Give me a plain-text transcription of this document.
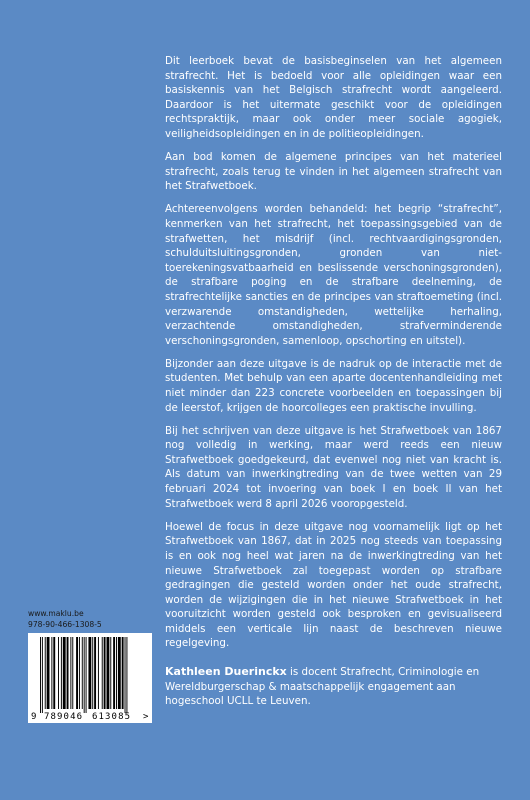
Dit leerboek bevat de basisbeginselen van het algemeen strafrecht. Het is bedoeld voor alle opleidingen waar een basiskennis van het Belgisch strafrecht wordt aangeleerd. Daardoor is het uitermate geschikt voor de opleidingen rechtspraktijk, maar ook onder meer sociale agogiek, veiligheidsopleidingen en in de politieopleidingen.

Aan bod komen de algemene principes van het materieel strafrecht, zoals terug te vinden in het algemeen strafrecht van het Strafwetboek.

Achtereenvolgens worden behandeld: het begrip “strafrecht”, kenmerken van het strafrecht, het toepassingsgebied van de strafwetten, het misdrijf (incl. rechtvaardigingsgronden, schulduitsluitingsgronden, gronden van niet-toerekeningsvatbaarheid en beslissende verschoningsgronden), de strafbare poging en de strafbare deelneming, de strafrechtelijke sancties en de principes van straftoemeting (incl. verzwarende omstandigheden, wettelijke herhaling, verzachtende omstandigheden, strafverminderende verschoningsgronden, samenloop, opschorting en uitstel).

Bijzonder aan deze uitgave is de nadruk op de interactie met de studenten. Met behulp van een aparte docentenhandleiding met niet minder dan 223 concrete voorbeelden en toepassingen bij de leerstof, krijgen de hoorcolleges een praktische invulling.

Bij het schrijven van deze uitgave is het Strafwetboek van 1867 nog volledig in werking, maar werd reeds een nieuw Strafwetboek goedgekeurd, dat evenwel nog niet van kracht is. Als datum van inwerkingtreding van de twee wetten van 29 februari 2024 tot invoering van boek I en boek II van het Strafwetboek werd 8 april 2026 vooropgesteld.

Hoewel de focus in deze uitgave nog voornamelijk ligt op het Strafwetboek van 1867, dat in 2025 nog steeds van toepassing is en ook nog heel wat jaren na de inwerkingtreding van het nieuwe Strafwetboek zal toegepast worden op strafbare gedragingen die gesteld worden onder het oude strafrecht, worden de wijzigingen die in het nieuwe Strafwetboek in het vooruitzicht worden gesteld ook besproken en gevisualiseerd middels een verticale lijn naast de beschreven nieuwe regelgeving.

Kathleen Duerinckx is docent Strafrecht, Criminologie en Wereldburgerschap & maatschappelijk engagement aan hogeschool UCLL te Leuven.

www.maklu.be
978-90-466-1308-5
9 789046 613085 >
